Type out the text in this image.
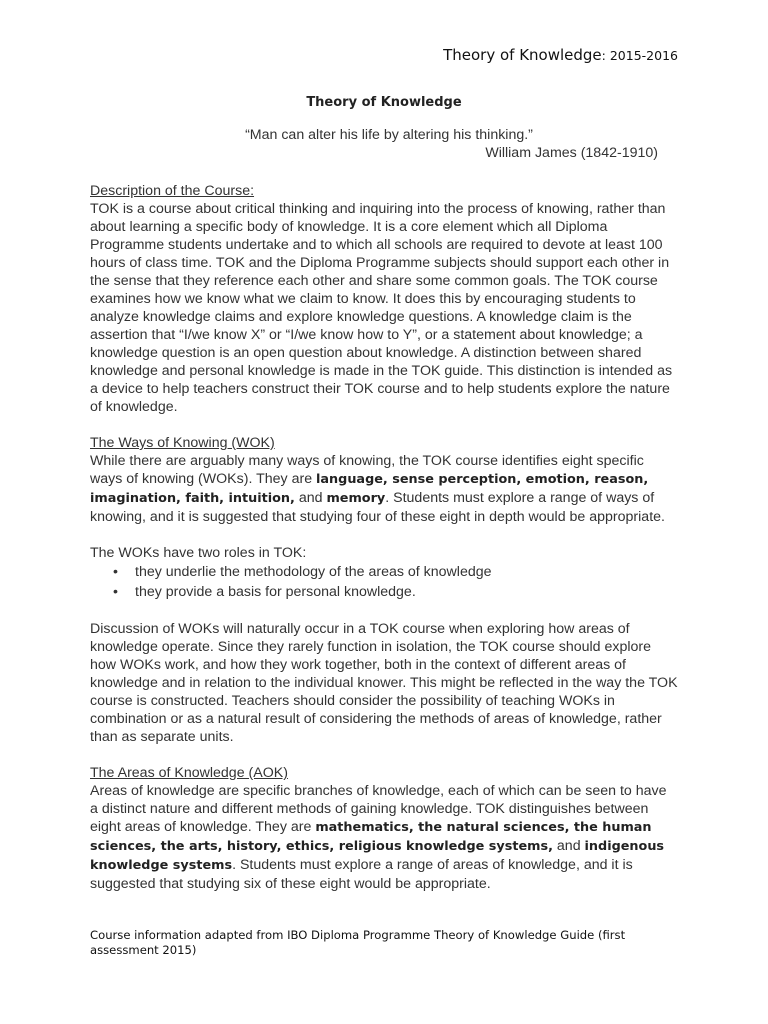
Theory of Knowledge: 2015-2016
Theory of Knowledge

“Man can alter his life by altering his thinking.”

William James (1842-1910)

Description of the Course:

TOK is a course about critical thinking and inquiring into the process of knowing, rather than about learning a specific body of knowledge. It is a core element which all Diploma Programme students undertake and to which all schools are required to devote at least 100 hours of class time. TOK and the Diploma Programme subjects should support each other in the sense that they reference each other and share some common goals. The TOK course examines how we know what we claim to know. It does this by encouraging students to analyze knowledge claims and explore knowledge questions. A knowledge claim is the assertion that “I/we know X” or “I/we know how to Y”, or a statement about knowledge; a knowledge question is an open question about knowledge. A distinction between shared knowledge and personal knowledge is made in the TOK guide. This distinction is intended as a device to help teachers construct their TOK course and to help students explore the nature of knowledge.

The Ways of Knowing (WOK)

While there are arguably many ways of knowing, the TOK course identifies eight specific ways of knowing (WOKs). They are language, sense perception, emotion, reason, imagination, faith, intuition, and memory. Students must explore a range of ways of knowing, and it is suggested that studying four of these eight in depth would be appropriate.

The WOKs have two roles in TOK:

• they underlie the methodology of the areas of knowledge
• they provide a basis for personal knowledge.

Discussion of WOKs will naturally occur in a TOK course when exploring how areas of knowledge operate. Since they rarely function in isolation, the TOK course should explore how WOKs work, and how they work together, both in the context of different areas of knowledge and in relation to the individual knower. This might be reflected in the way the TOK course is constructed. Teachers should consider the possibility of teaching WOKs in combination or as a natural result of considering the methods of areas of knowledge, rather than as separate units.

The Areas of Knowledge (AOK)

Areas of knowledge are specific branches of knowledge, each of which can be seen to have a distinct nature and different methods of gaining knowledge. TOK distinguishes between eight areas of knowledge. They are mathematics, the natural sciences, the human sciences, the arts, history, ethics, religious knowledge systems, and indigenous knowledge systems. Students must explore a range of areas of knowledge, and it is suggested that studying six of these eight would be appropriate.

Course information adapted from IBO Diploma Programme Theory of Knowledge Guide (first assessment 2015)
